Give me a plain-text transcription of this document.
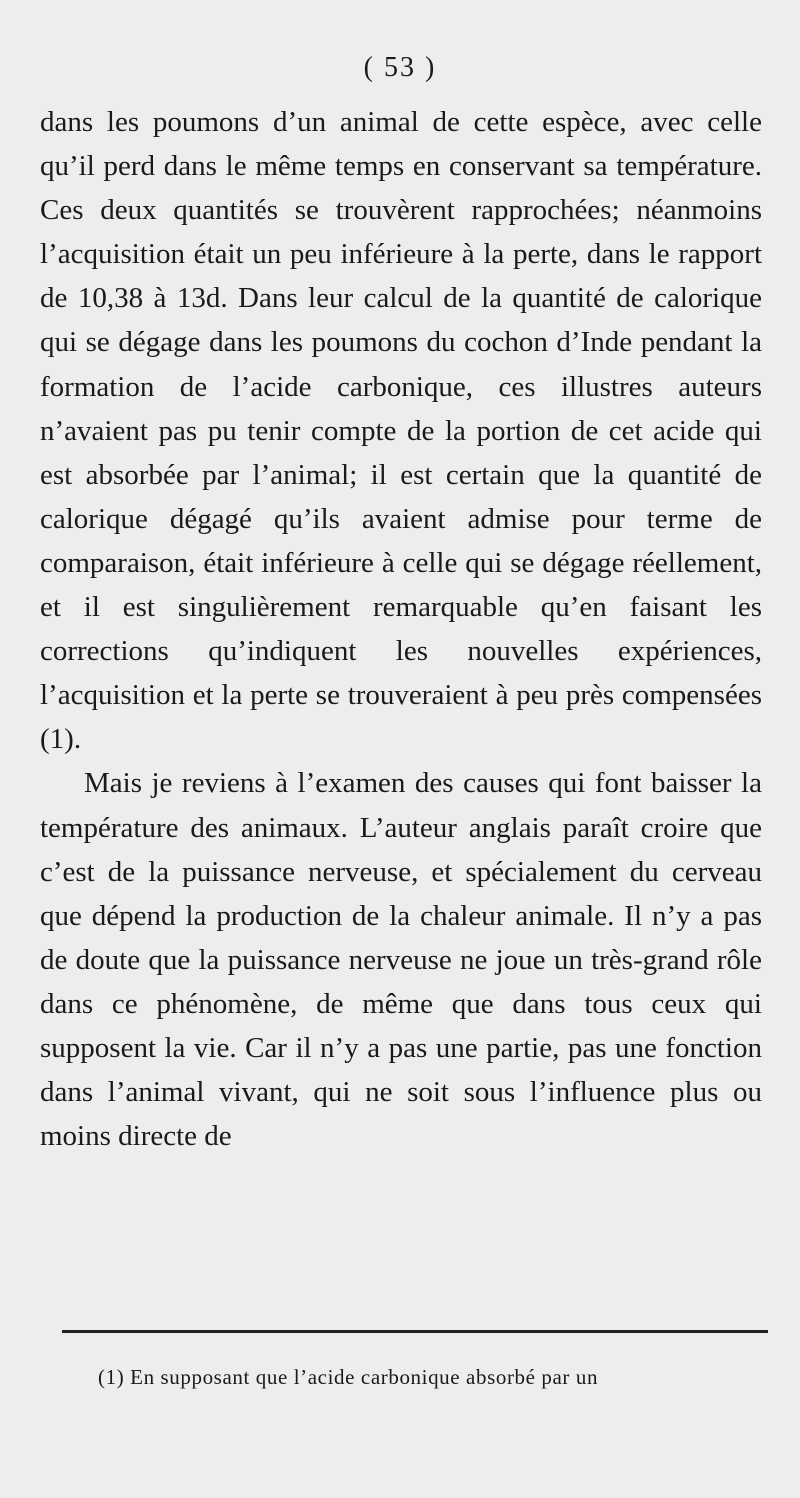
( 53 )

dans les poumons d’un animal de cette espèce, avec celle qu’il perd dans le même temps en conservant sa température. Ces deux quantités se trouvèrent rapprochées; néanmoins l’acquisition était un peu inférieure à la perte, dans le rapport de 10,38 à 13d. Dans leur calcul de la quantité de calorique qui se dégage dans les poumons du cochon d’Inde pendant la formation de l’acide carbonique, ces illustres auteurs n’avaient pas pu tenir compte de la portion de cet acide qui est absorbée par l’animal; il est certain que la quantité de calorique dégagé qu’ils avaient admise pour terme de comparaison, était inférieure à celle qui se dégage réellement, et il est singulièrement remarquable qu’en faisant les corrections qu’indiquent les nouvelles expériences, l’acquisition et la perte se trouveraient à peu près compensées (1).

Mais je reviens à l’examen des causes qui font baisser la température des animaux. L’auteur anglais paraît croire que c’est de la puissance nerveuse, et spécialement du cerveau que dépend la production de la chaleur animale. Il n’y a pas de doute que la puissance nerveuse ne joue un très-grand rôle dans ce phénomène, de même que dans tous ceux qui supposent la vie. Car il n’y a pas une partie, pas une fonction dans l’animal vivant, qui ne soit sous l’influence plus ou moins directe de

(1) En supposant que l’acide carbonique absorbé par un
